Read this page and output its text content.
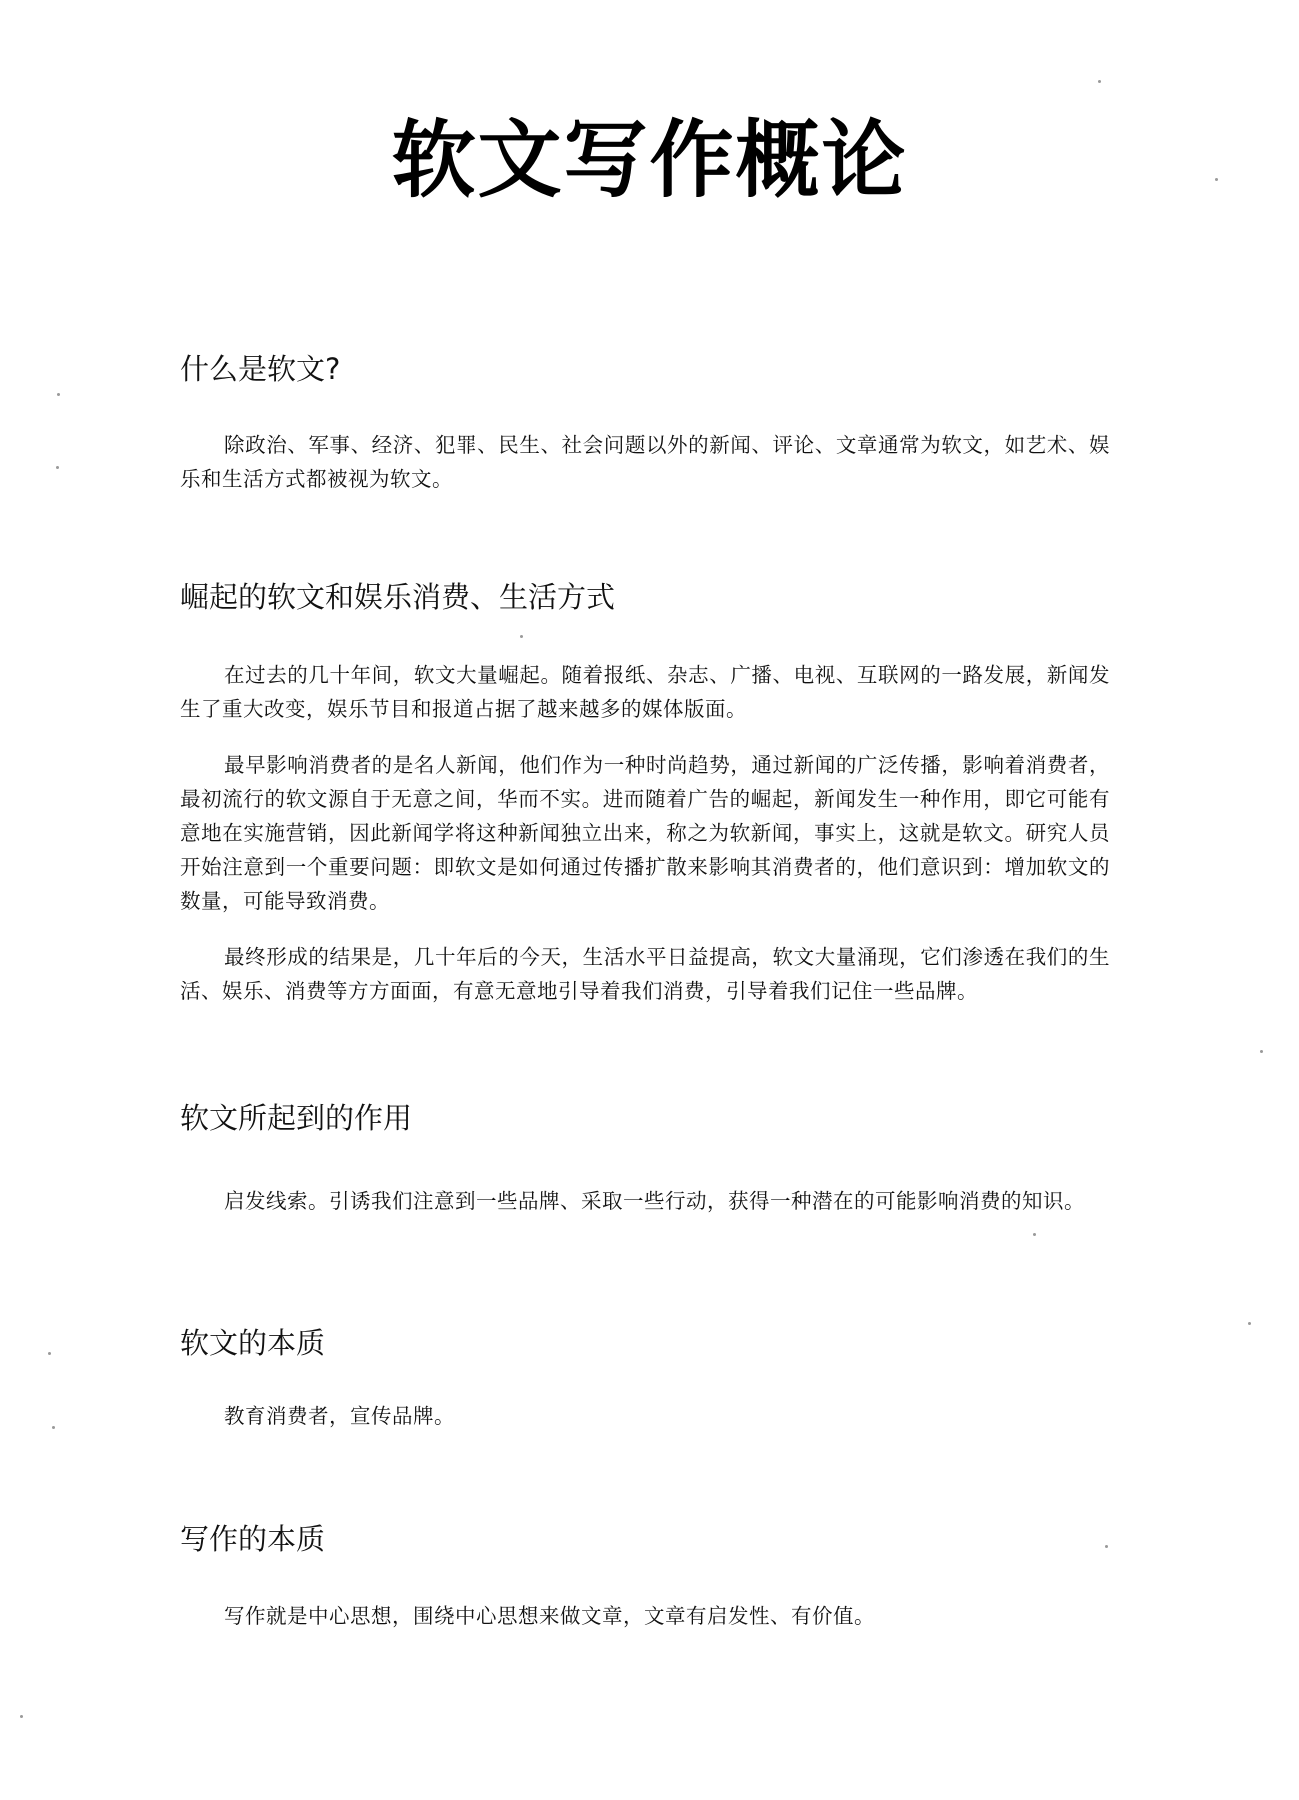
软文写作概论
什么是软文?

除政治、军事、经济、犯罪、民生、社会问题以外的新闻、评论、文章通常为软文，如艺术、娱乐和生活方式都被视为软文。

崛起的软文和娱乐消费、生活方式

在过去的几十年间，软文大量崛起。随着报纸、杂志、广播、电视、互联网的一路发展，新闻发生了重大改变，娱乐节目和报道占据了越来越多的媒体版面。

最早影响消费者的是名人新闻，他们作为一种时尚趋势，通过新闻的广泛传播，影响着消费者，最初流行的软文源自于无意之间，华而不实。进而随着广告的崛起，新闻发生一种作用，即它可能有意地在实施营销，因此新闻学将这种新闻独立出来，称之为软新闻，事实上，这就是软文。研究人员开始注意到一个重要问题：即软文是如何通过传播扩散来影响其消费者的，他们意识到：增加软文的数量，可能导致消费。

最终形成的结果是，几十年后的今天，生活水平日益提高，软文大量涌现，它们渗透在我们的生活、娱乐、消费等方方面面，有意无意地引导着我们消费，引导着我们记住一些品牌。

软文所起到的作用

启发线索。引诱我们注意到一些品牌、采取一些行动，获得一种潜在的可能影响消费的知识。

软文的本质

教育消费者，宣传品牌。

写作的本质

写作就是中心思想，围绕中心思想来做文章，文章有启发性、有价值。
